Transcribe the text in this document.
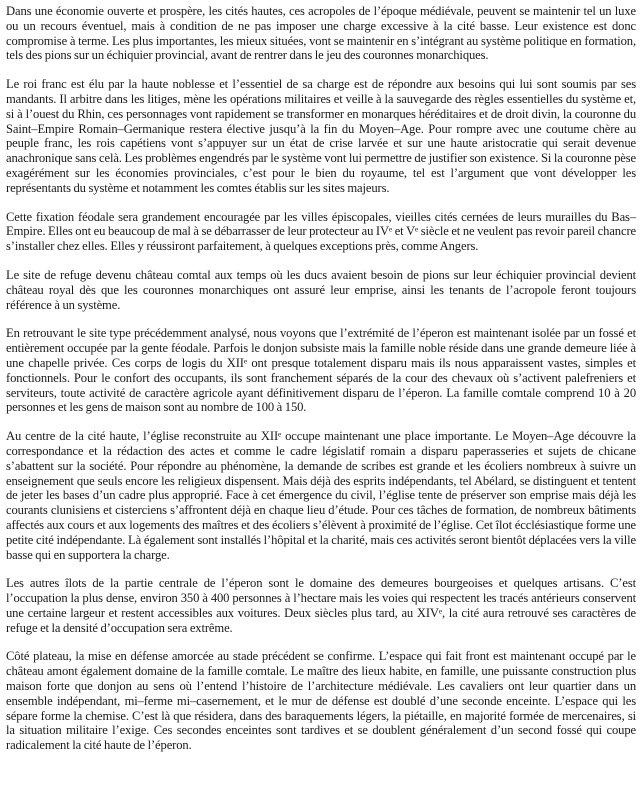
Dans une économie ouverte et prospère, les cités hautes, ces acropoles de l’époque médiévale, peuvent se maintenir tel un luxe ou un recours éventuel, mais à condition de ne pas imposer une charge excessive à la cité basse. Leur existence est donc compromise à terme. Les plus importantes, les mieux situées, vont se maintenir en s’intégrant au système politique en formation, tels des pions sur un échiquier provincial, avant de rentrer dans le jeu des couronnes monarchiques.

Le roi franc est élu par la haute noblesse et l’essentiel de sa charge est de répondre aux besoins qui lui sont soumis par ses mandants. Il arbitre dans les litiges, mène les opérations militaires et veille à la sauvegarde des règles essentielles du système et, si à l’ouest du Rhin, ces personnages vont rapidement se transformer en monarques héréditaires et de droit divin, la couronne du Saint–Empire Romain–Germanique restera élective jusqu’à la fin du Moyen–Age. Pour rompre avec une coutume chère au peuple franc, les rois capétiens vont s’appuyer sur un état de crise larvée et sur une haute aristocratie qui serait devenue anachronique sans celà. Les problèmes engendrés par le système vont lui permettre de justifier son existence. Si la couronne pèse exagérément sur les économies provinciales, c’est pour le bien du royaume, tel est l’argument que vont développer les représentants du système et notamment les comtes établis sur les sites majeurs.

Cette fixation féodale sera grandement encouragée par les villes épiscopales, vieilles cités cernées de leurs murailles du Bas–Empire. Elles ont eu beaucoup de mal à se débarrasser de leur protecteur au IVᵉ et Vᵉ siècle et ne veulent pas revoir pareil chancre s’installer chez elles. Elles y réussiront parfaitement, à quelques exceptions près, comme Angers.

Le site de refuge devenu château comtal aux temps où les ducs avaient besoin de pions sur leur échiquier provincial devient château royal dès que les couronnes monarchiques ont assuré leur emprise, ainsi les tenants de l’acropole feront toujours référence à un système.

En retrouvant le site type précédemment analysé, nous voyons que l’extrémité de l’éperon est maintenant isolée par un fossé et entièrement occupée par la gente féodale. Parfois le donjon subsiste mais la famille noble réside dans une grande demeure liée à une chapelle privée. Ces corps de logis du XIIᵉ ont presque totalement disparu mais ils nous apparaissent vastes, simples et fonctionnels. Pour le confort des occupants, ils sont franchement séparés de la cour des chevaux où s’activent palefreniers et serviteurs, toute activité de caractère agricole ayant définitivement disparu de l’éperon. La famille comtale comprend 10 à 20 personnes et les gens de maison sont au nombre de 100 à 150.

Au centre de la cité haute, l’église reconstruite au XIIᵉ occupe maintenant une place importante. Le Moyen–Age découvre la correspondance et la rédaction des actes et comme le cadre législatif romain a disparu paperasseries et sujets de chicane s’abattent sur la société. Pour répondre au phénomène, la demande de scribes est grande et les écoliers nombreux à suivre un enseignement que seuls encore les religieux dispensent. Mais déjà des esprits indépendants, tel Abélard, se distinguent et tentent de jeter les bases d’un cadre plus approprié. Face à cet émergence du civil, l’église tente de préserver son emprise mais déjà les courants clunisiens et cisterciens s’affrontent déjà en chaque lieu d’étude. Pour ces tâches de formation, de nombreux bâtiments affectés aux cours et aux logements des maîtres et des écoliers s’élèvent à proximité de l’église. Cet îlot écclésiastique forme une petite cité indépendante. Là également sont installés l’hôpital et la charité, mais ces activités seront bientôt déplacées vers la ville basse qui en supportera la charge.

Les autres îlots de la partie centrale de l’éperon sont le domaine des demeures bourgeoises et quelques artisans. C’est l’occupation la plus dense, environ 350 à 400 personnes à l’hectare mais les voies qui respectent les tracés antérieurs conservent une certaine largeur et restent accessibles aux voitures. Deux siècles plus tard, au XIVᵉ, la cité aura retrouvé ses caractères de refuge et la densité d’occupation sera extrême.

Côté plateau, la mise en défense amorcée au stade précédent se confirme. L’espace qui fait front est maintenant occupé par le château amont également domaine de la famille comtale. Le maître des lieux habite, en famille, une puissante construction plus maison forte que donjon au sens où l’entend l’histoire de l’architecture médiévale. Les cavaliers ont leur quartier dans un ensemble indépendant, mi–ferme mi–casernement, et le mur de défense est doublé d’une seconde enceinte. L’espace qui les sépare forme la chemise. C’est là que résidera, dans des baraquements légers, la piétaille, en majorité formée de mercenaires, si la situation militaire l’exige. Ces secondes enceintes sont tardives et se doublent généralement d’un second fossé qui coupe radicalement la cité haute de l’éperon.
